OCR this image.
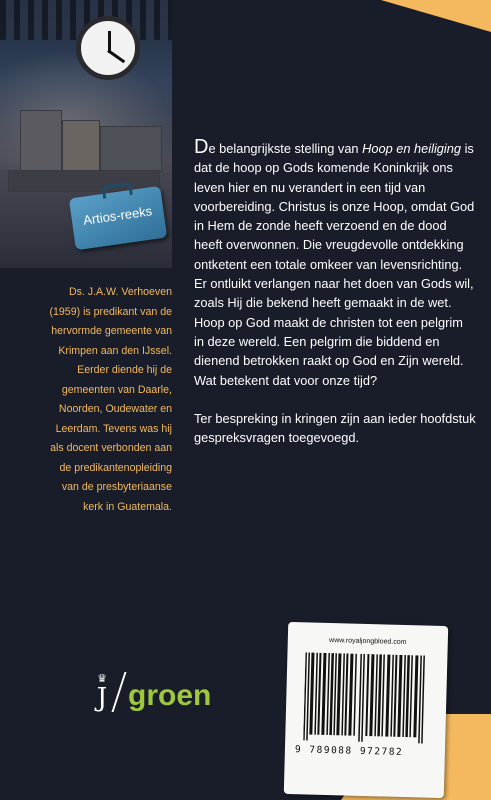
Artios-reeks

Ds. J.A.W. Verhoeven
(1959) is predikant van de
hervormde gemeente van
Krimpen aan den IJssel.
Eerder diende hij de
gemeenten van Daarle,
Noorden, Oudewater en
Leerdam. Tevens was hij
als docent verbonden aan
de predikantenopleiding
van de presbyteriaanse
kerk in Guatemala.

De belangrijkste stelling van Hoop en heiliging is dat de hoop op Gods komende Koninkrijk ons leven hier en nu verandert in een tijd van voorbereiding. Christus is onze Hoop, omdat God in Hem de zonde heeft verzoend en de dood heeft overwonnen. Die vreugdevolle ontdekking ontketent een totale omkeer van levensrichting. Er ontluikt verlangen naar het doen van Gods wil, zoals Hij die bekend heeft gemaakt in de wet. Hoop op God maakt de christen tot een pelgrim in deze wereld. Een pelgrim die biddend en dienend betrokken raakt op God en Zijn wereld. Wat betekent dat voor onze tijd?

Ter bespreking in kringen zijn aan ieder hoofdstuk gespreksvragen toegevoegd.

♛
J groen
www.royaljongbloed.com
9 789088 972782
